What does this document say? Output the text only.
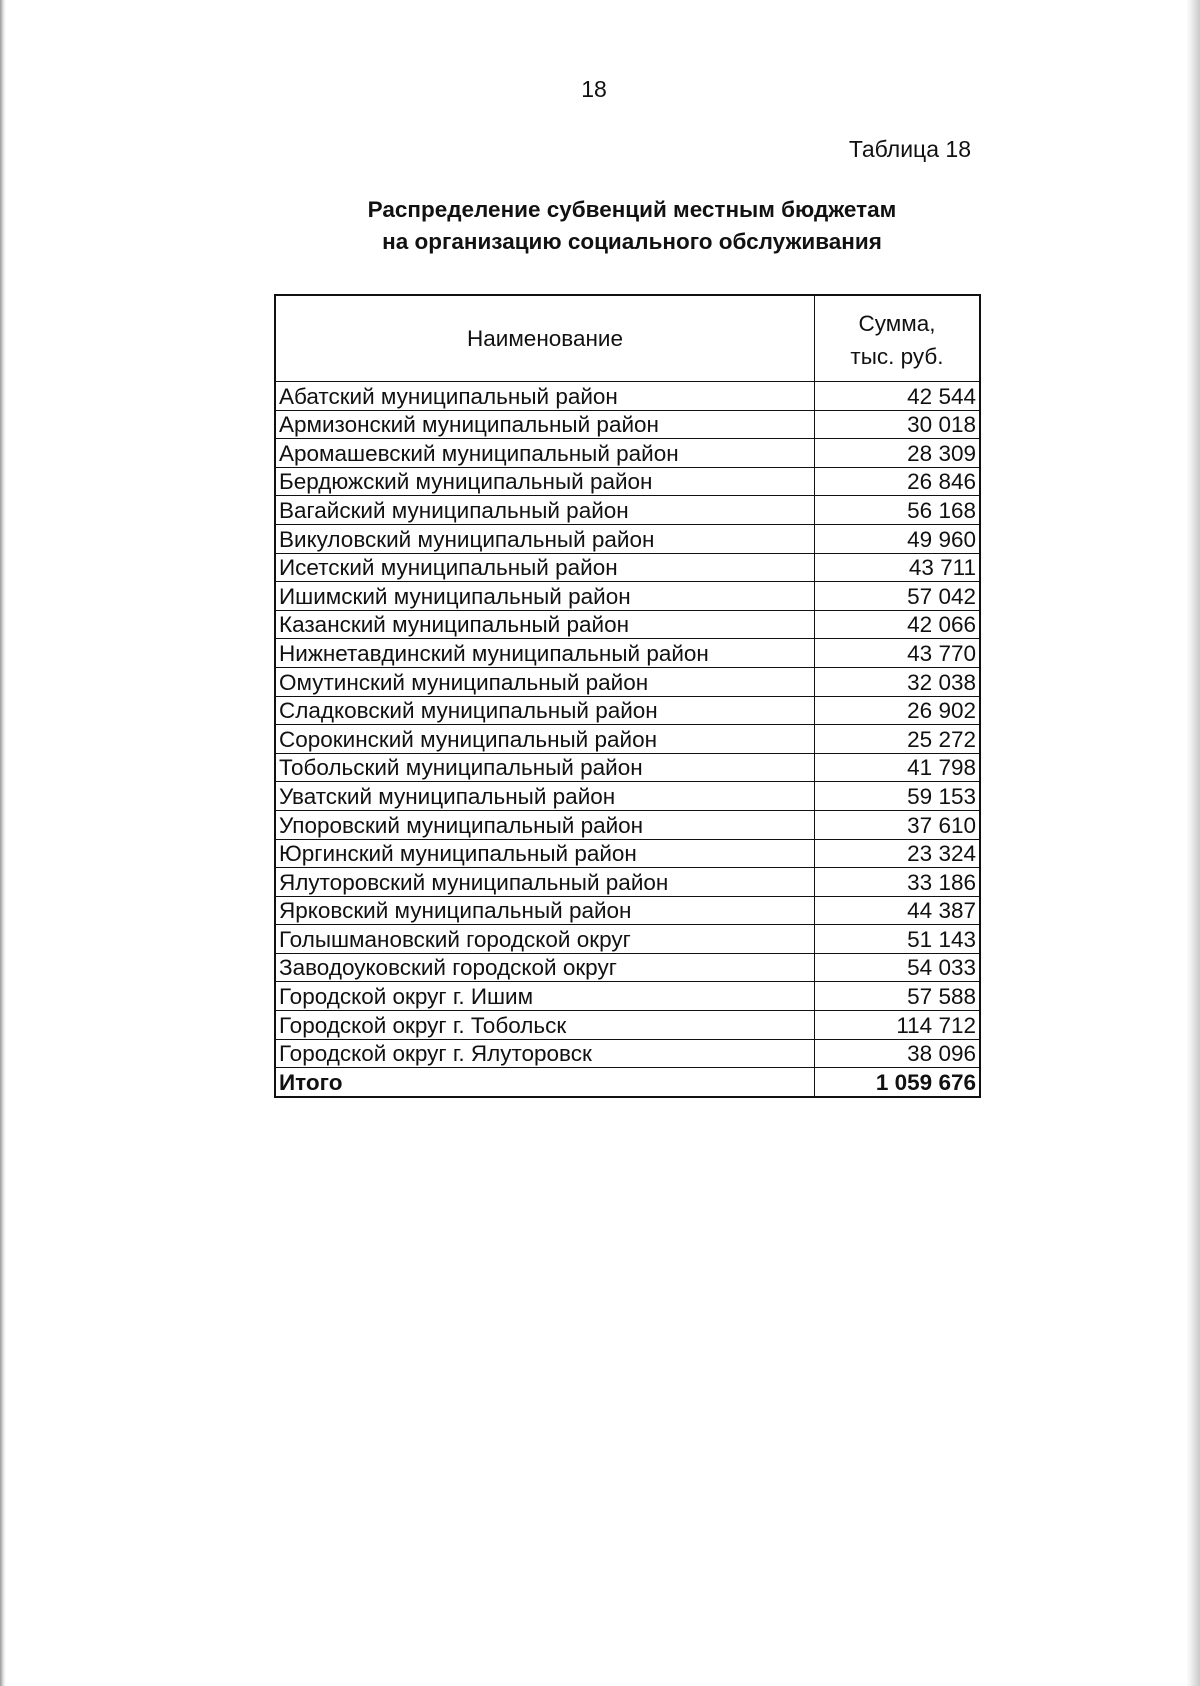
18
Таблица 18
Распределение субвенций местным бюджетам
на организацию социального обслуживания
Наименование	Сумма,
тыс. руб.

Абатский муниципальный район	42 544
Армизонский муниципальный район	30 018
Аромашевский муниципальный район	28 309
Бердюжский муниципальный район	26 846
Вагайский муниципальный район	56 168
Викуловский муниципальный район	49 960
Исетский муниципальный район	43 711
Ишимский муниципальный район	57 042
Казанский муниципальный район	42 066
Нижнетавдинский муниципальный район	43 770
Омутинский муниципальный район	32 038
Сладковский муниципальный район	26 902
Сорокинский муниципальный район	25 272
Тобольский муниципальный район	41 798
Уватский муниципальный район	59 153
Упоровский муниципальный район	37 610
Юргинский муниципальный район	23 324
Ялуторовский муниципальный район	33 186
Ярковский муниципальный район	44 387
Голышмановский городской округ	51 143
Заводоуковский городской округ	54 033
Городской округ г. Ишим	57 588
Городской округ г. Тобольск	114 712
Городской округ г. Ялуторовск	38 096
Итого	1 059 676
